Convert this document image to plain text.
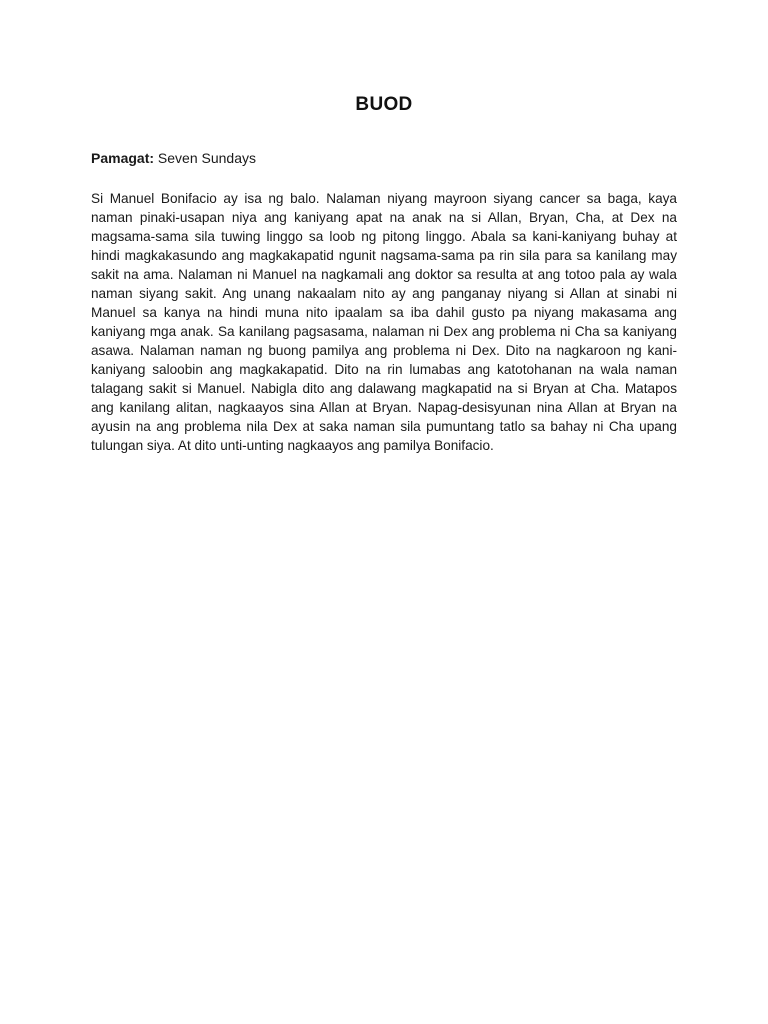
BUOD
Pamagat: Seven Sundays
Si Manuel Bonifacio ay isa ng balo. Nalaman niyang mayroon siyang cancer sa baga, kaya naman pinaki-usapan niya ang kaniyang apat na anak na si Allan, Bryan, Cha, at Dex na magsama-sama sila tuwing linggo sa loob ng pitong linggo. Abala sa kani-kaniyang buhay at hindi magkakasundo ang magkakapatid ngunit nagsama-sama pa rin sila para sa kanilang may sakit na ama. Nalaman ni Manuel na nagkamali ang doktor sa resulta at ang totoo pala ay wala naman siyang sakit. Ang unang nakaalam nito ay ang panganay niyang si Allan at sinabi ni Manuel sa kanya na hindi muna nito ipaalam sa iba dahil gusto pa niyang makasama ang kaniyang mga anak. Sa kanilang pagsasama, nalaman ni Dex ang problema ni Cha sa kaniyang asawa. Nalaman naman ng buong pamilya ang problema ni Dex. Dito na nagkaroon ng kani-kaniyang saloobin ang magkakapatid. Dito na rin lumabas ang katotohanan na wala naman talagang sakit si Manuel. Nabigla dito ang dalawang magkapatid na si Bryan at Cha. Matapos ang kanilang alitan, nagkaayos sina Allan at Bryan. Napag-desisyunan nina Allan at Bryan na ayusin na ang problema nila Dex at saka naman sila pumuntang tatlo sa bahay ni Cha upang tulungan siya. At dito unti-unting nagkaayos ang pamilya Bonifacio.
